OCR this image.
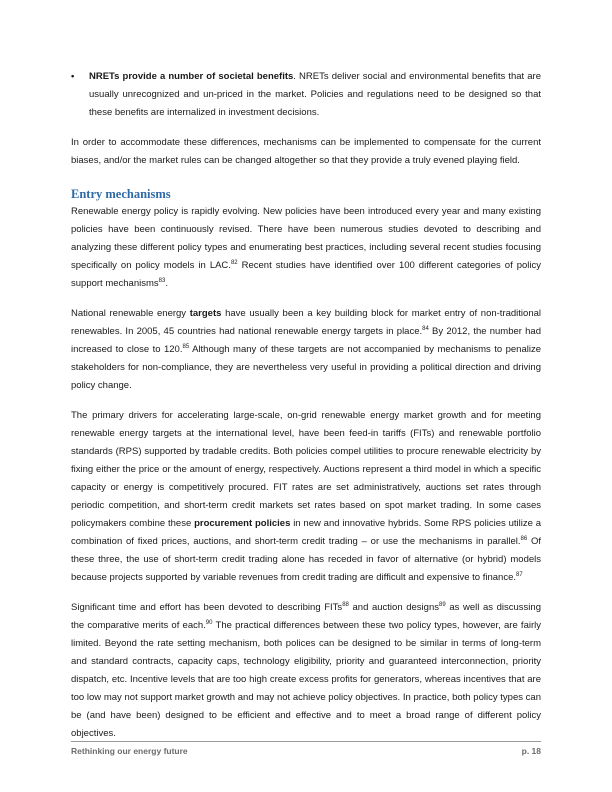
• NRETs provide a number of societal benefits. NRETs deliver social and environmental benefits that are usually unrecognized and un-priced in the market. Policies and regulations need to be designed so that these benefits are internalized in investment decisions.

In order to accommodate these differences, mechanisms can be implemented to compensate for the current biases, and/or the market rules can be changed altogether so that they provide a truly evened playing field.

Entry mechanisms

Renewable energy policy is rapidly evolving. New policies have been introduced every year and many existing policies have been continuously revised. There have been numerous studies devoted to describing and analyzing these different policy types and enumerating best practices, including several recent studies focusing specifically on policy models in LAC.$^{82}$ Recent studies have identified over 100 different categories of policy support mechanisms$^{83}$.

National renewable energy targets have usually been a key building block for market entry of non-traditional renewables. In 2005, 45 countries had national renewable energy targets in place.$^{84}$ By 2012, the number had increased to close to 120.85 Although many of these targets are not accompanied by mechanisms to penalize stakeholders for non-compliance, they are nevertheless very useful in providing a political direction and driving policy change.

The primary drivers for accelerating large-scale, on-grid renewable energy market growth and for meeting renewable energy targets at the international level, have been feed-in tariffs (FITs) and renewable portfolio standards (RPS) supported by tradable credits. Both policies compel utilities to procure renewable electricity by fixing either the price or the amount of energy, respectively. Auctions represent a third model in which a specific capacity or energy is competitively procured. FIT rates are set administratively, auctions set rates through periodic competition, and short-term credit markets set rates based on spot market trading. In some cases policymakers combine these procurement policies in new and innovative hybrids. Some RPS policies utilize a combination of fixed prices, auctions, and short-term credit trading – or use the mechanisms in parallel.$^{86}$ Of these three, the use of short-term credit trading alone has receded in favor of alternative (or hybrid) models because projects supported by variable revenues from credit trading are difficult and expensive to finance.$^{87}$

Significant time and effort has been devoted to describing FITs$^{88}$ and auction designs$^{89}$ as well as discussing the comparative merits of each.$^{90}$ The practical differences between these two policy types, however, are fairly limited. Beyond the rate setting mechanism, both polices can be designed to be similar in terms of long-term and standard contracts, capacity caps, technology eligibility, priority and guaranteed interconnection, priority dispatch, etc. Incentive levels that are too high create excess profits for generators, whereas incentives that are too low may not support market growth and may not achieve policy objectives. In practice, both policy types can be (and have been) designed to be efficient and effective and to meet a broad range of different policy objectives.

Rethinking our energy future	p. 18
